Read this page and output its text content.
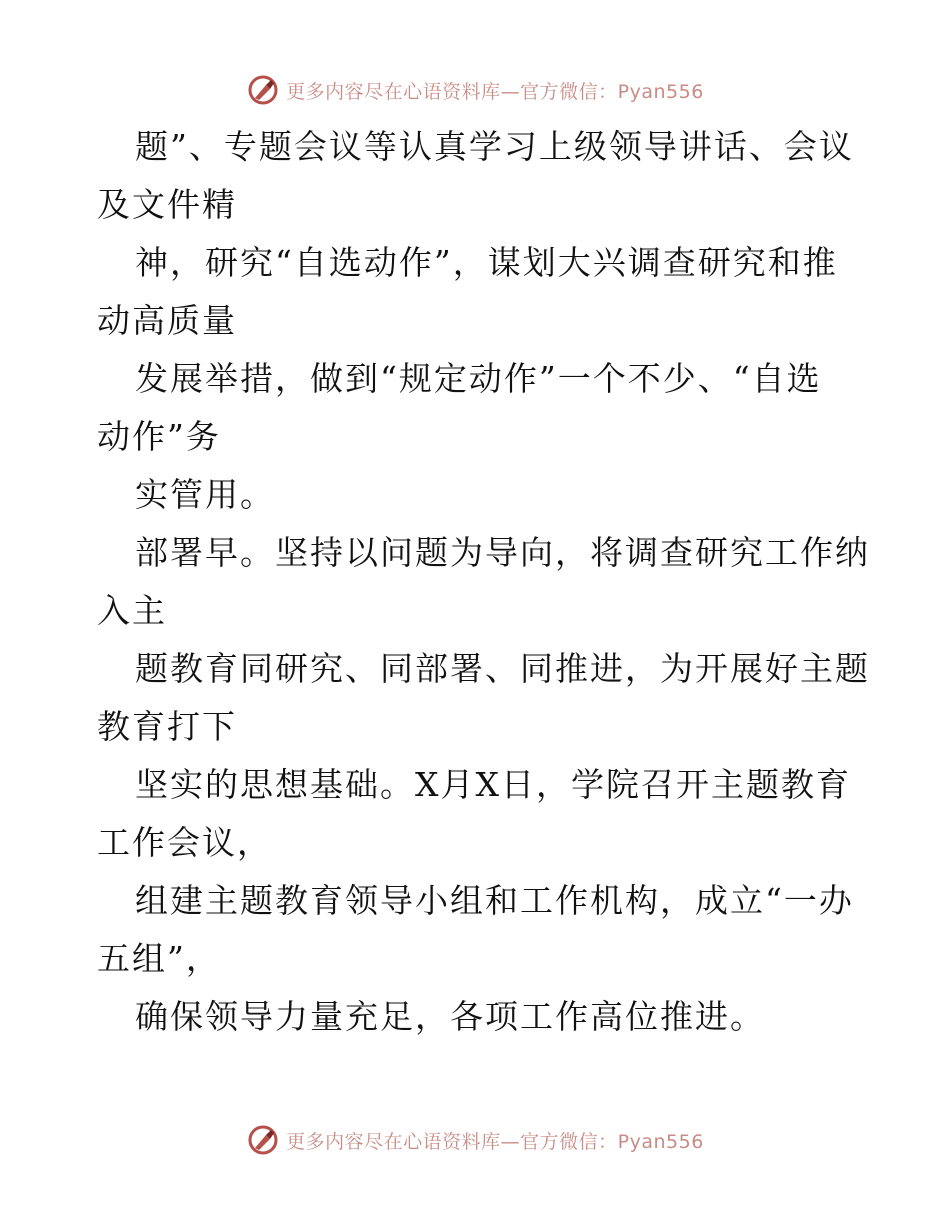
更多内容尽在心语资料库—官方微信：Pyan556
题”、专题会议等认真学习上级领导讲话、会议
及文件精
神，研究“自选动作”，谋划大兴调查研究和推
动高质量
发展举措，做到“规定动作”一个不少、“自选
动作”务
实管用。
部署早。坚持以问题为导向，将调查研究工作纳
入主
题教育同研究、同部署、同推进，为开展好主题
教育打下
坚实的思想基础。X月X日，学院召开主题教育
工作会议，
组建主题教育领导小组和工作机构，成立“一办
五组”，
确保领导力量充足，各项工作高位推进。
更多内容尽在心语资料库—官方微信：Pyan556
